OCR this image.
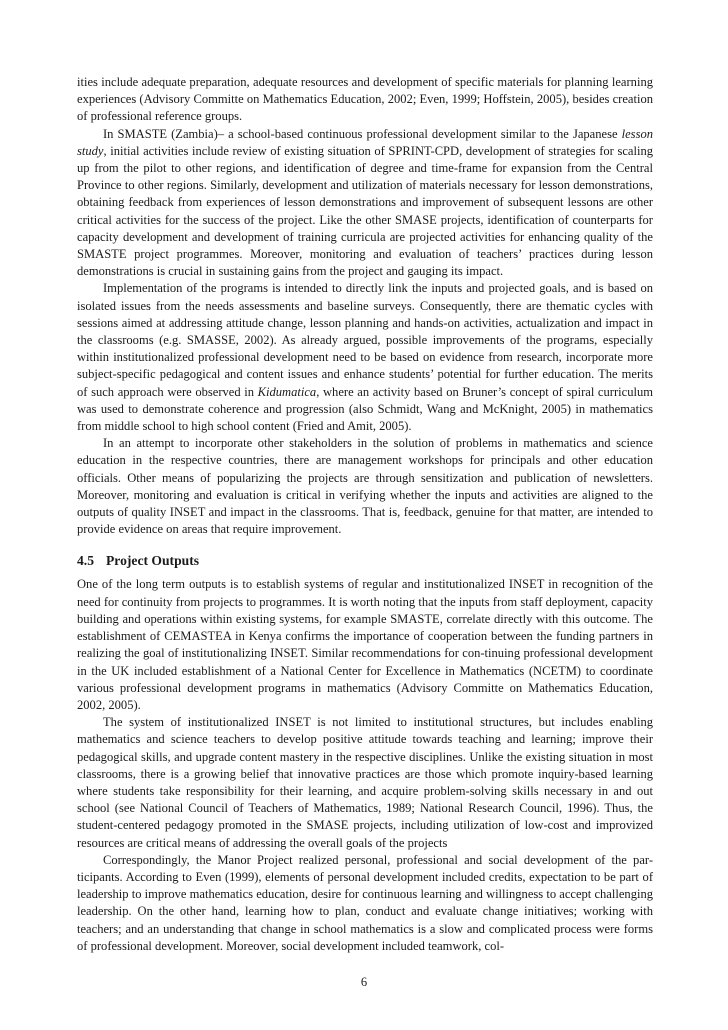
ities include adequate preparation, adequate resources and development of specific materials for planning learning experiences (Advisory Committe on Mathematics Education, 2002; Even, 1999; Hoffstein, 2005), besides creation of professional reference groups.

In SMASTE (Zambia)– a school-based continuous professional development similar to the Japanese lesson study, initial activities include review of existing situation of SPRINT-CPD, development of strategies for scaling up from the pilot to other regions, and identification of degree and time-frame for expansion from the Central Province to other regions. Similarly, development and utilization of materials necessary for lesson demonstrations, obtaining feedback from experiences of lesson demonstrations and improvement of subsequent lessons are other critical activities for the success of the project. Like the other SMASE projects, identification of counterparts for capacity development and development of training curricula are projected activities for enhancing quality of the SMASTE project programmes. Moreover, monitoring and evaluation of teachers’ practices during lesson demonstrations is crucial in sustaining gains from the project and gauging its impact.

Implementation of the programs is intended to directly link the inputs and projected goals, and is based on isolated issues from the needs assessments and baseline surveys. Consequently, there are thematic cycles with sessions aimed at addressing attitude change, lesson planning and hands-on activities, actualization and impact in the classrooms (e.g. SMASSE, 2002). As already argued, possible improvements of the programs, especially within institutionalized professional development need to be based on evidence from research, incorporate more subject-specific pedagogical and content issues and enhance students’ potential for further education. The merits of such approach were observed in Kidumatica, where an activity based on Bruner’s concept of spiral curriculum was used to demonstrate coherence and progression (also Schmidt, Wang and McKnight, 2005) in mathematics from middle school to high school content (Fried and Amit, 2005).

In an attempt to incorporate other stakeholders in the solution of problems in mathematics and science education in the respective countries, there are management workshops for principals and other education officials. Other means of popularizing the projects are through sensitization and publication of newsletters. Moreover, monitoring and evaluation is critical in verifying whether the inputs and activities are aligned to the outputs of quality INSET and impact in the classrooms. That is, feedback, genuine for that matter, are intended to provide evidence on areas that require improvement.

4.5 Project Outputs

One of the long term outputs is to establish systems of regular and institutionalized INSET in recognition of the need for continuity from projects to programmes. It is worth noting that the inputs from staff deployment, capacity building and operations within existing systems, for example SMASTE, correlate directly with this outcome. The establishment of CEMASTEA in Kenya confirms the importance of cooperation between the funding partners in realizing the goal of institutionalizing INSET. Similar recommendations for con-tinuing professional development in the UK included establishment of a National Center for Excellence in Mathematics (NCETM) to coordinate various professional development programs in mathematics (Advisory Committe on Mathematics Education, 2002, 2005).

The system of institutionalized INSET is not limited to institutional structures, but includes enabling mathematics and science teachers to develop positive attitude towards teaching and learning; improve their pedagogical skills, and upgrade content mastery in the respective disciplines. Unlike the existing situation in most classrooms, there is a growing belief that innovative practices are those which promote inquiry-based learning where students take responsibility for their learning, and acquire problem-solving skills necessary in and out school (see National Council of Teachers of Mathematics, 1989; National Research Council, 1996). Thus, the student-centered pedagogy promoted in the SMASE projects, including utilization of low-cost and improvized resources are critical means of addressing the overall goals of the projects

Correspondingly, the Manor Project realized personal, professional and social development of the par-ticipants. According to Even (1999), elements of personal development included credits, expectation to be part of leadership to improve mathematics education, desire for continuous learning and willingness to accept challenging leadership. On the other hand, learning how to plan, conduct and evaluate change initiatives; working with teachers; and an understanding that change in school mathematics is a slow and complicated process were forms of professional development. Moreover, social development included teamwork, col-

6
